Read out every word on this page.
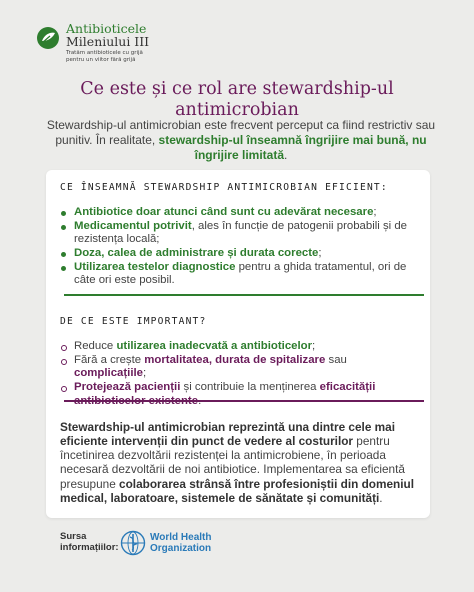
Antibioticele
Mileniului III
Tratăm antibioticele cu grijă
pentru un viitor fără grijă
Ce este și ce rol are stewardship-ul
antimicrobian
Stewardship-ul antimicrobian este frecvent perceput ca fiind restrictiv sau punitiv. În realitate, stewardship-ul înseamnă îngrijire mai bună, nu îngrijire limitată.
CE ÎNSEAMNĂ STEWARDSHIP ANTIMICROBIAN EFICIENT:
Antibiotice doar atunci când sunt cu adevărat necesare;
Medicamentul potrivit, ales în funcție de patogenii probabili și de rezistența locală;
Doza, calea de administrare și durata corecte;
Utilizarea testelor diagnostice pentru a ghida tratamentul, ori de câte ori este posibil.
DE CE ESTE IMPORTANT?
Reduce utilizarea inadecvată a antibioticelor;
Fără a crește mortalitatea, durata de spitalizare sau complicațiile;
Protejează pacienții și contribuie la menținerea eficacității
Stewardship-ul antimicrobian reprezintă una dintre cele mai eficiente intervenții din punct de vedere al costurilor pentru încetinirea dezvoltării rezistenței la antimicrobiene, în perioada necesară dezvoltării de noi antibiotice. Implementarea sa eficientă presupune colaborarea strânsă între profesioniștii din domeniul medical, laboratoare, sistemele de sănătate și comunități.
Sursa informațiilor:
World Health
Organization
